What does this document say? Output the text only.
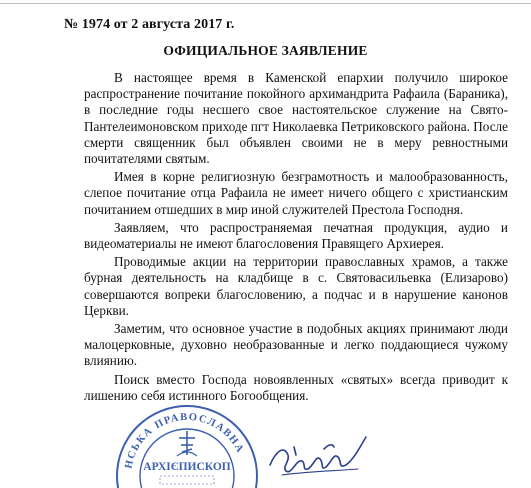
№ 1974 от 2 августа 2017 г.
ОФИЦИАЛЬНОЕ ЗАЯВЛЕНИЕ

В настоящее время в Каменской епархии получило широкое распространение почитание покойного архимандрита Рафаила (Бараника), в последние годы несшего свое настоятельское служение на Свято-Пантелеимоновском приходе пгт Николаевка Петриковского района. После смерти священник был объявлен своими не в меру ревностными почитателями святым.

Имея в корне религиозную безграмотность и малообразованность, слепое почитание отца Рафаила не имеет ничего общего с христианским почитанием отшедших в мир иной служителей Престола Господня.

Заявляем, что распространяемая печатная продукция, аудио и видеоматериалы не имеют благословения Правящего Архиерея.

Проводимые акции на территории православных храмов, а также бурная деятельность на кладбище в с. Святовасильевка (Елизарово) совершаются вопреки благословению, а подчас и в нарушение канонов Церкви.

Заметим, что основное участие в подобных акциях принимают люди малоцерковные, духовно необразованные и легко поддающиеся чужому влиянию.

Поиск вместо Господа новоявленных «святых» всегда приводит к лишению себя истинного Богообщения.

НСЬКА ПРАВОСЛАВНА
АРХІЄПИСКОП
